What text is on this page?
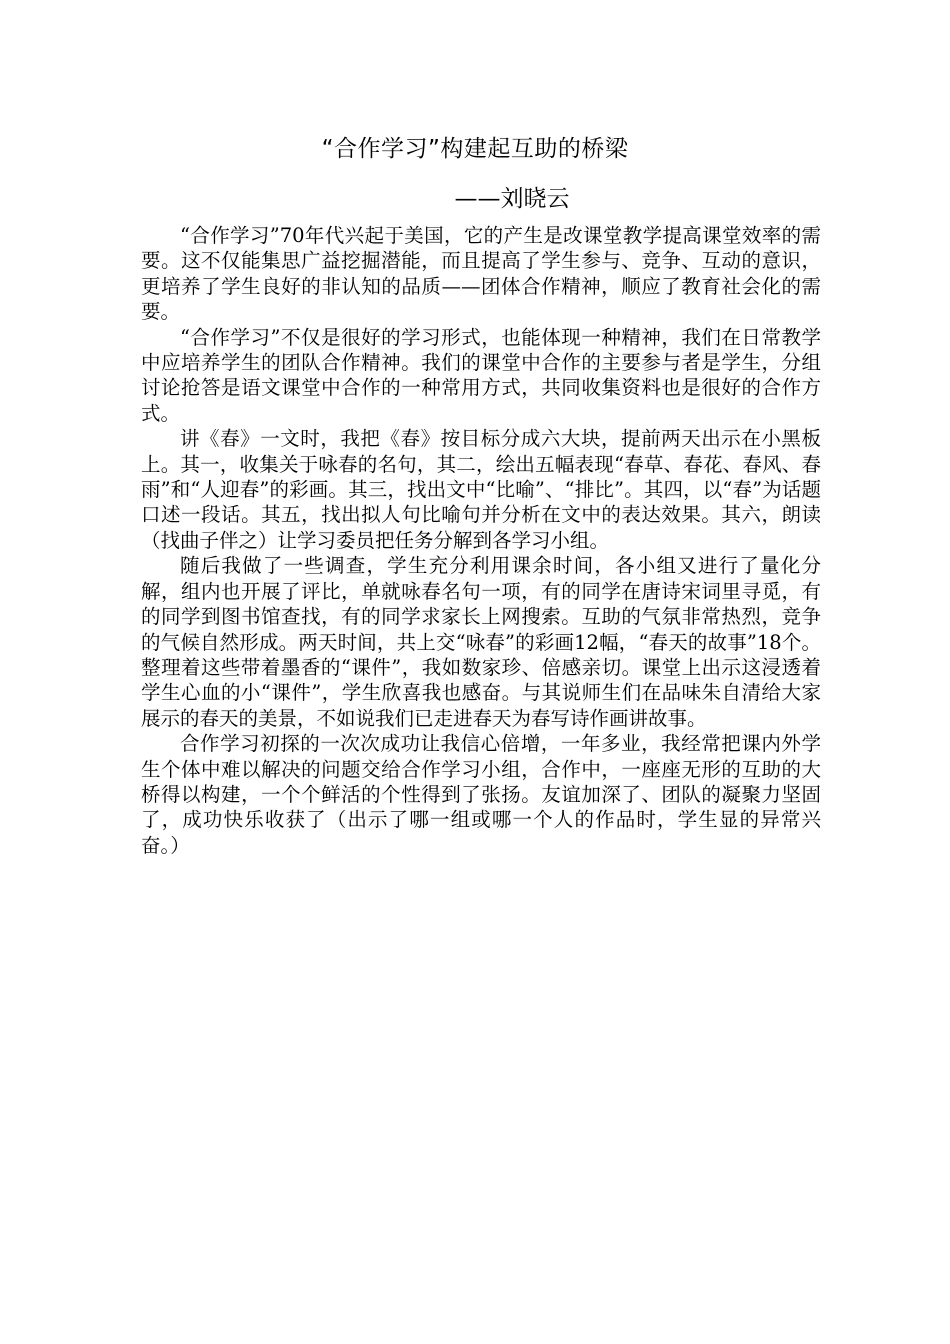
“合作学习”构建起互助的桥梁
——刘晓云

“合作学习”70年代兴起于美国，它的产生是改课堂教学提高课堂效率的需要。这不仅能集思广益挖掘潜能，而且提高了学生参与、竞争、互动的意识，更培养了学生良好的非认知的品质——团体合作精神，顺应了教育社会化的需要。

“合作学习”不仅是很好的学习形式，也能体现一种精神，我们在日常教学中应培养学生的团队合作精神。我们的课堂中合作的主要参与者是学生，分组讨论抢答是语文课堂中合作的一种常用方式，共同收集资料也是很好的合作方式。

讲《春》一文时，我把《春》按目标分成六大块，提前两天出示在小黑板上。其一，收集关于咏春的名句，其二，绘出五幅表现“春草、春花、春风、春雨”和“人迎春”的彩画。其三，找出文中“比喻”、“排比”。其四，以“春”为话题口述一段话。其五，找出拟人句比喻句并分析在文中的表达效果。其六，朗读（找曲子伴之）让学习委员把任务分解到各学习小组。

随后我做了一些调查，学生充分利用课余时间，各小组又进行了量化分解，组内也开展了评比，单就咏春名句一项，有的同学在唐诗宋词里寻觅，有的同学到图书馆查找，有的同学求家长上网搜索。互助的气氛非常热烈，竞争的气候自然形成。两天时间，共上交“咏春”的彩画12幅，“春天的故事”18个。整理着这些带着墨香的“课件”，我如数家珍、倍感亲切。课堂上出示这浸透着学生心血的小“课件”，学生欣喜我也感奋。与其说师生们在品味朱自清给大家展示的春天的美景，不如说我们已走进春天为春写诗作画讲故事。

合作学习初探的一次次成功让我信心倍增，一年多业，我经常把课内外学生个体中难以解决的问题交给合作学习小组，合作中，一座座无形的互助的大桥得以构建，一个个鲜活的个性得到了张扬。友谊加深了、团队的凝聚力坚固了，成功快乐收获了（出示了哪一组或哪一个人的作品时，学生显的异常兴奋。）
